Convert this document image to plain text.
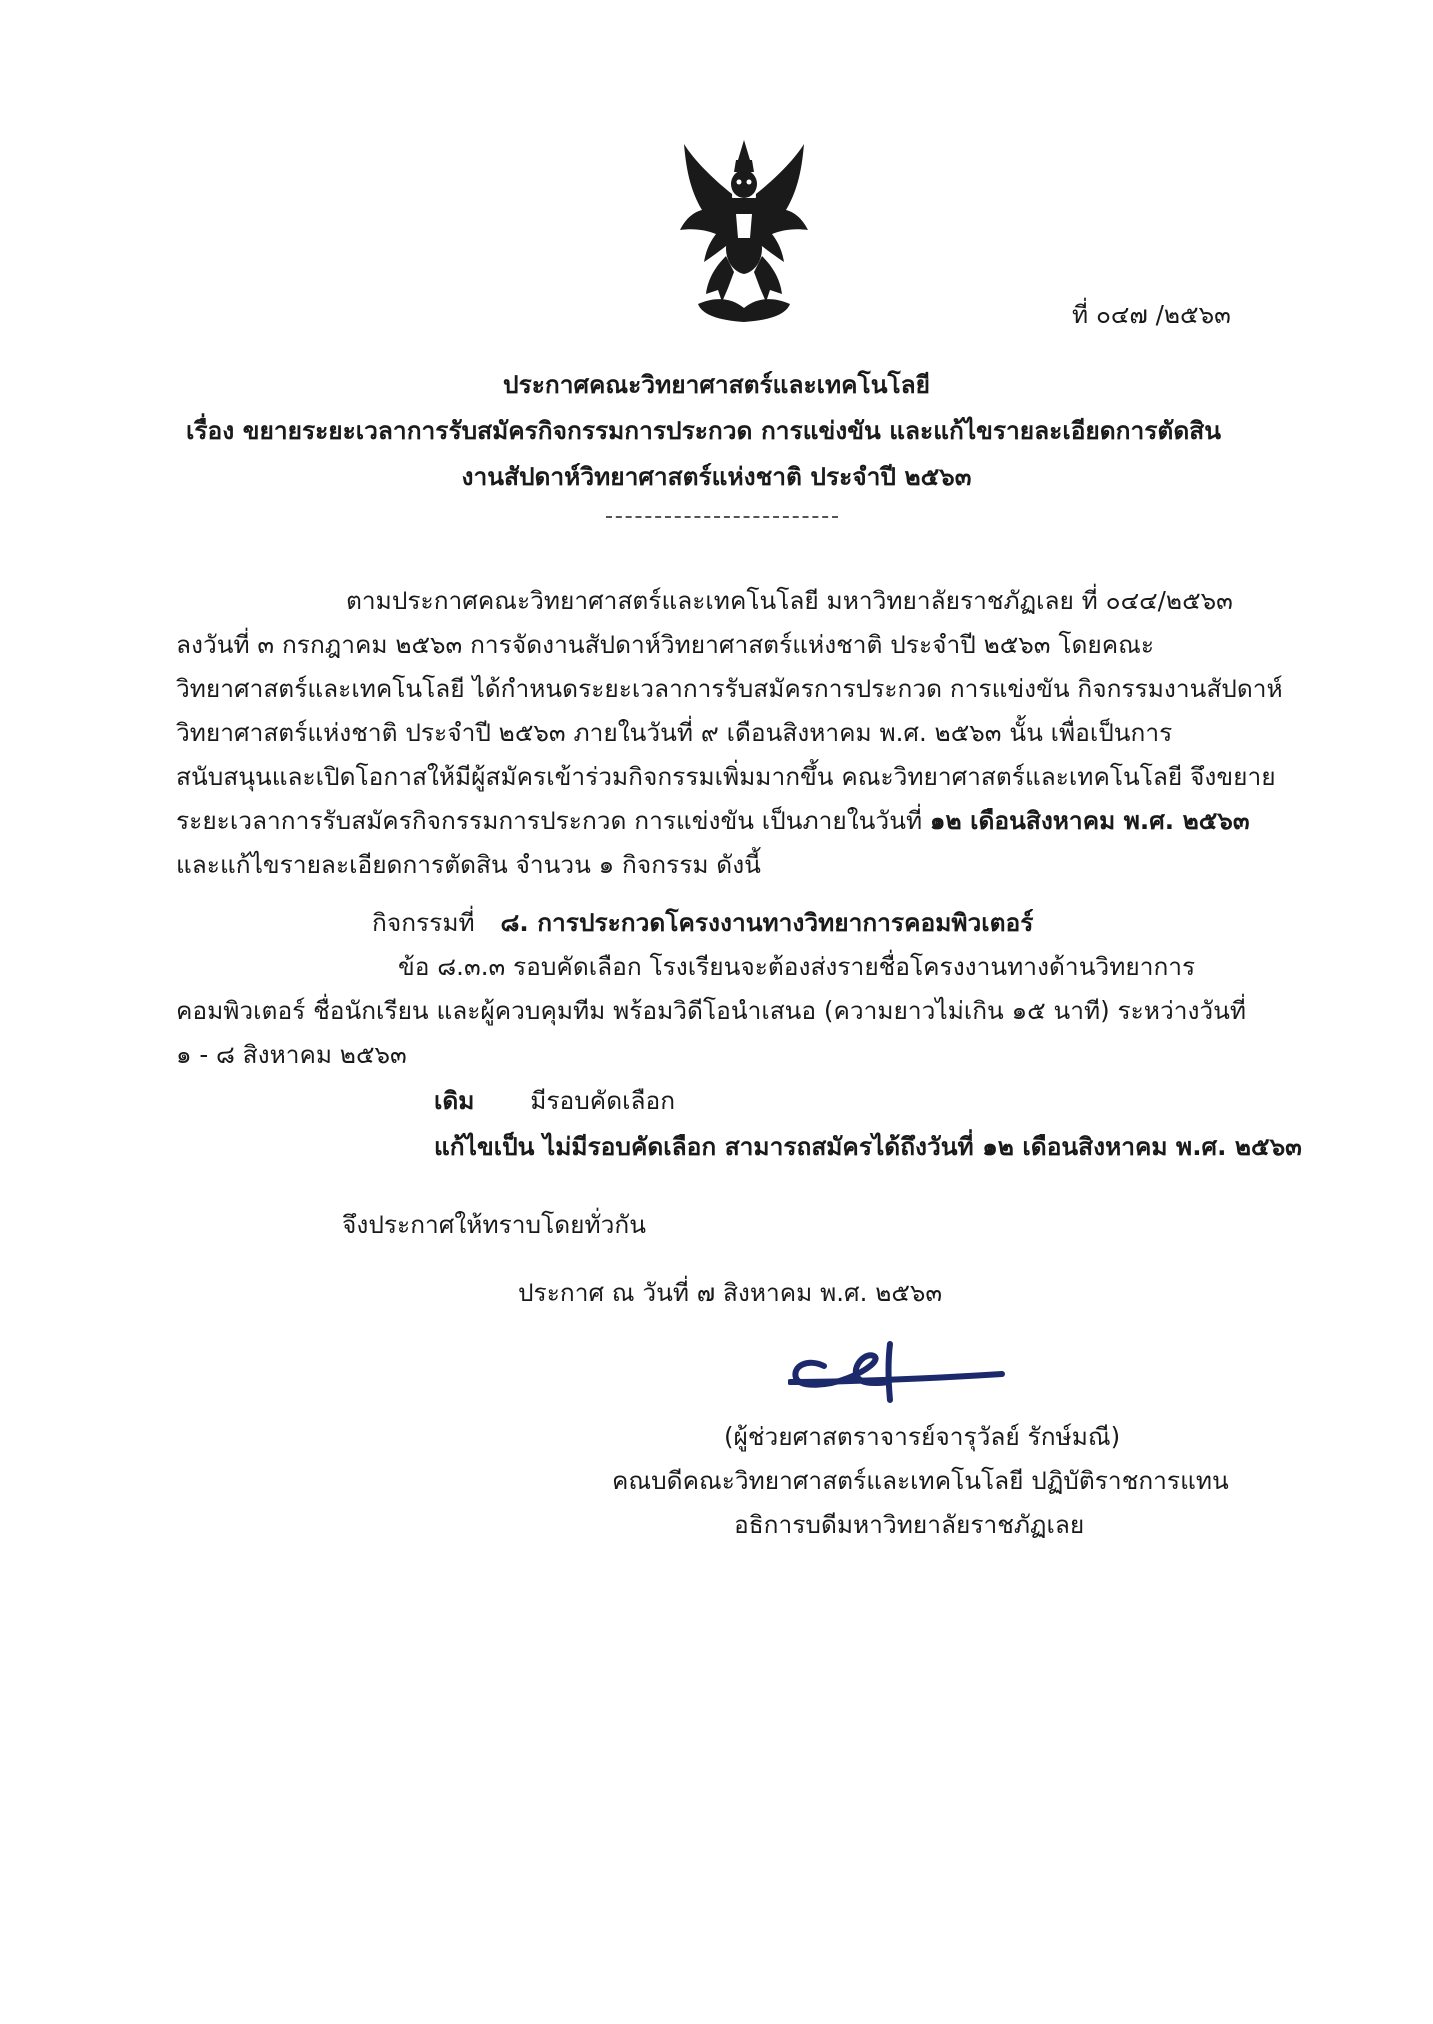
ที่ ๐๔๗ /๒๕๖๓
ประกาศคณะวิทยาศาสตร์และเทคโนโลยี
เรื่อง ขยายระยะเวลาการรับสมัครกิจกรรมการประกวด การแข่งขัน และแก้ไขรายละเอียดการตัดสิน
งานสัปดาห์วิทยาศาสตร์แห่งชาติ ประจำปี ๒๕๖๓
ตามประกาศคณะวิทยาศาสตร์และเทคโนโลยี มหาวิทยาลัยราชภัฏเลย ที่ ๐๔๔/๒๕๖๓
ลงวันที่ ๓ กรกฎาคม ๒๕๖๓ การจัดงานสัปดาห์วิทยาศาสตร์แห่งชาติ ประจำปี ๒๕๖๓ โดยคณะ
วิทยาศาสตร์และเทคโนโลยี ได้กำหนดระยะเวลาการรับสมัครการประกวด การแข่งขัน กิจกรรมงานสัปดาห์
วิทยาศาสตร์แห่งชาติ ประจำปี ๒๕๖๓ ภายในวันที่ ๙ เดือนสิงหาคม พ.ศ. ๒๕๖๓ นั้น เพื่อเป็นการ
สนับสนุนและเปิดโอกาสให้มีผู้สมัครเข้าร่วมกิจกรรมเพิ่มมากขึ้น คณะวิทยาศาสตร์และเทคโนโลยี จึงขยาย
ระยะเวลาการรับสมัครกิจกรรมการประกวด การแข่งขัน เป็นภายในวันที่ ๑๒ เดือนสิงหาคม พ.ศ. ๒๕๖๓
และแก้ไขรายละเอียดการตัดสิน จำนวน ๑ กิจกรรม ดังนี้
กิจกรรมที่ ๘. การประกวดโครงงานทางวิทยาการคอมพิวเตอร์
ข้อ ๘.๓.๓ รอบคัดเลือก โรงเรียนจะต้องส่งรายชื่อโครงงานทางด้านวิทยาการ
คอมพิวเตอร์ ชื่อนักเรียน และผู้ควบคุมทีม พร้อมวิดีโอนำเสนอ (ความยาวไม่เกิน ๑๕ นาที) ระหว่างวันที่
๑ - ๘ สิงหาคม ๒๕๖๓
เดิม มีรอบคัดเลือก
แก้ไขเป็น ไม่มีรอบคัดเลือก สามารถสมัครได้ถึงวันที่ ๑๒ เดือนสิงหาคม พ.ศ. ๒๕๖๓
จึงประกาศให้ทราบโดยทั่วกัน
ประกาศ ณ วันที่ ๗ สิงหาคม พ.ศ. ๒๕๖๓
(ผู้ช่วยศาสตราจารย์จารุวัลย์ รักษ์มณี)
คณบดีคณะวิทยาศาสตร์และเทคโนโลยี ปฏิบัติราชการแทน
อธิการบดีมหาวิทยาลัยราชภัฏเลย
